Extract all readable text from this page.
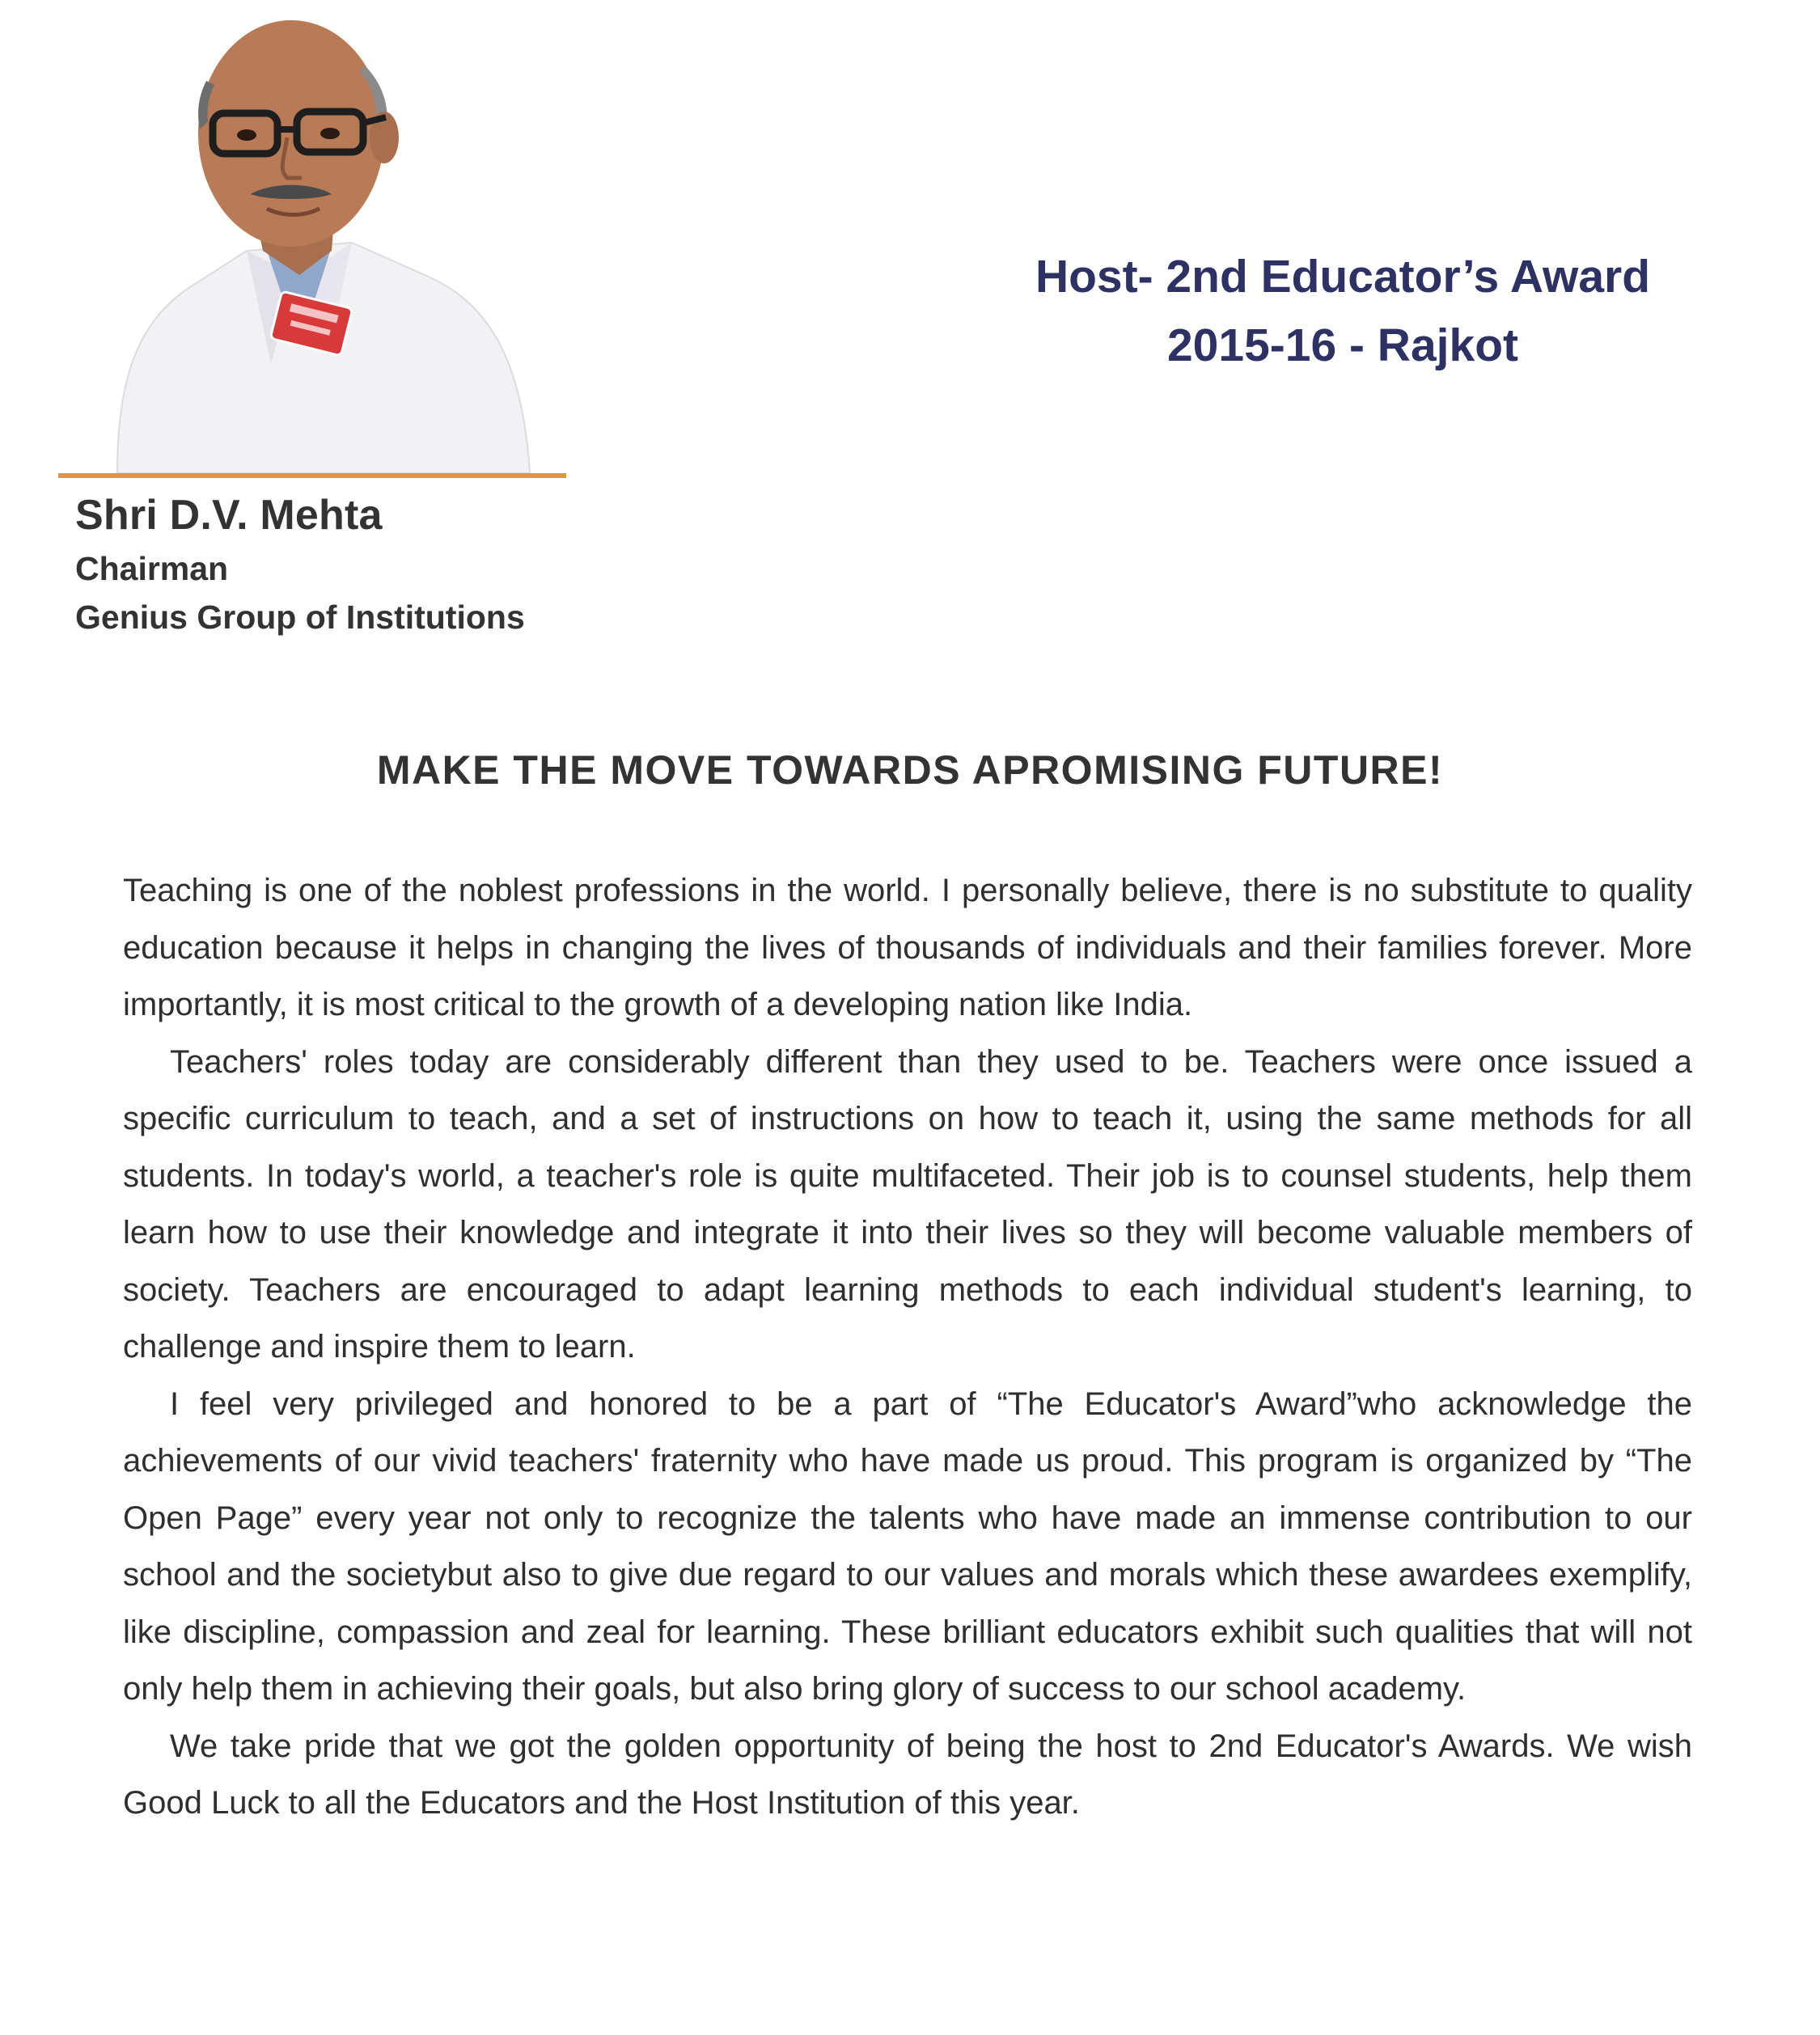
Shri D.V. Mehta
Chairman
Genius Group of Institutions
Host- 2nd Educator’s Award
2015-16 - Rajkot
MAKE THE MOVE TOWARDS APROMISING FUTURE!

Teaching is one of the noblest professions in the world. I personally believe, there is no substitute to quality education because it helps in changing the lives of thousands of individuals and their families forever. More importantly, it is most critical to the growth of a developing nation like India.

Teachers' roles today are considerably different than they used to be. Teachers were once issued a specific curriculum to teach, and a set of instructions on how to teach it, using the same methods for all students. In today's world, a teacher's role is quite multifaceted. Their job is to counsel students, help them learn how to use their knowledge and integrate it into their lives so they will become valuable members of society. Teachers are encouraged to adapt learning methods to each individual student's learning, to challenge and inspire them to learn.

I feel very privileged and honored to be a part of “The Educator's Award”who acknowledge the achievements of our vivid teachers' fraternity who have made us proud. This program is organized by “The Open Page” every year not only to recognize the talents who have made an immense contribution to our school and the societybut also to give due regard to our values and morals which these awardees exemplify, like discipline, compassion and zeal for learning. These brilliant educators exhibit such qualities that will not only help them in achieving their goals, but also bring glory of success to our school academy.

We take pride that we got the golden opportunity of being the host to 2nd Educator's Awards. We wish Good Luck to all the Educators and the Host Institution of this year.
